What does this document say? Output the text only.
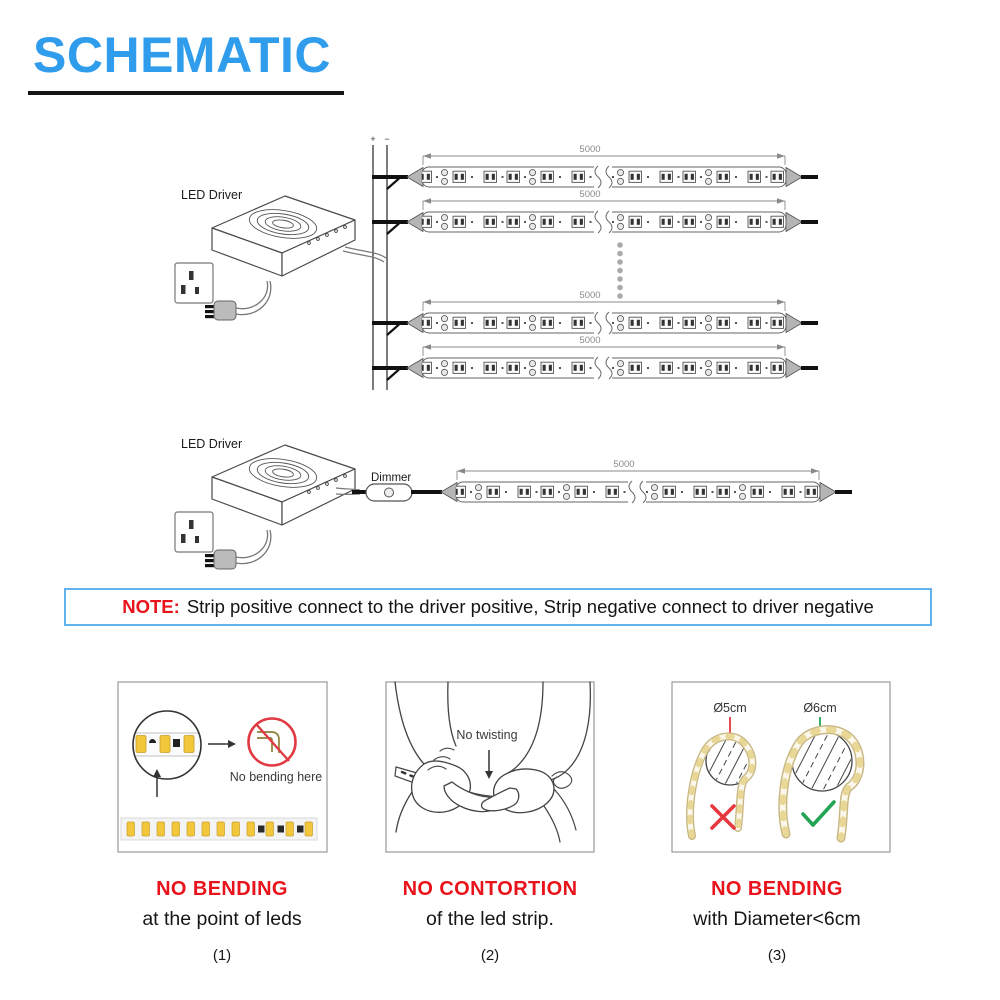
SCHEMATIC
+ −
LED Driver
5000
5000
5000
5000
LED Driver
Dimmer
5000
No bending here
No twisting
Ø5cm	Ø6cm
NOTE: Strip positive connect to the driver positive, Strip negative connect to driver negative
NO BENDING
at the point of leds
(1)
NO CONTORTION
of the led strip.
(2)
NO BENDING
with Diameter<6cm
(3)
